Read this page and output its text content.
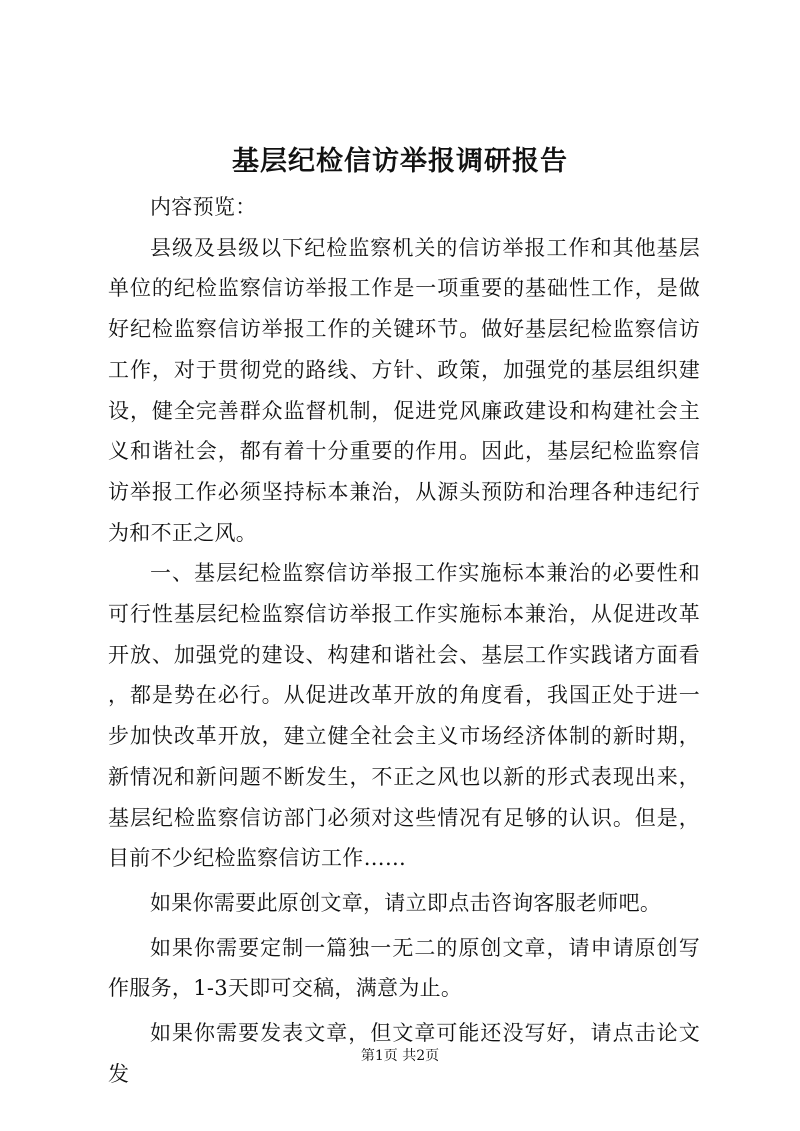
基层纪检信访举报调研报告

内容预览：

县级及县级以下纪检监察机关的信访举报工作和其他基层单位的纪检监察信访举报工作是一项重要的基础性工作，是做好纪检监察信访举报工作的关键环节。做好基层纪检监察信访工作，对于贯彻党的路线、方针、政策，加强党的基层组织建设，健全完善群众监督机制，促进党风廉政建设和构建社会主义和谐社会，都有着十分重要的作用。因此，基层纪检监察信访举报工作必须坚持标本兼治，从源头预防和治理各种违纪行为和不正之风。

一、基层纪检监察信访举报工作实施标本兼治的必要性和可行性基层纪检监察信访举报工作实施标本兼治，从促进改革开放、加强党的建设、构建和谐社会、基层工作实践诸方面看，都是势在必行。从促进改革开放的角度看，我国正处于进一步加快改革开放，建立健全社会主义市场经济体制的新时期，新情况和新问题不断发生，不正之风也以新的形式表现出来，基层纪检监察信访部门必须对这些情况有足够的认识。但是，目前不少纪检监察信访工作……

如果你需要此原创文章，请立即点击咨询客服老师吧。

如果你需要定制一篇独一无二的原创文章，请申请原创写作服务，1-3天即可交稿，满意为止。

如果你需要发表文章，但文章可能还没写好，请点击论文发

第1页 共2页
